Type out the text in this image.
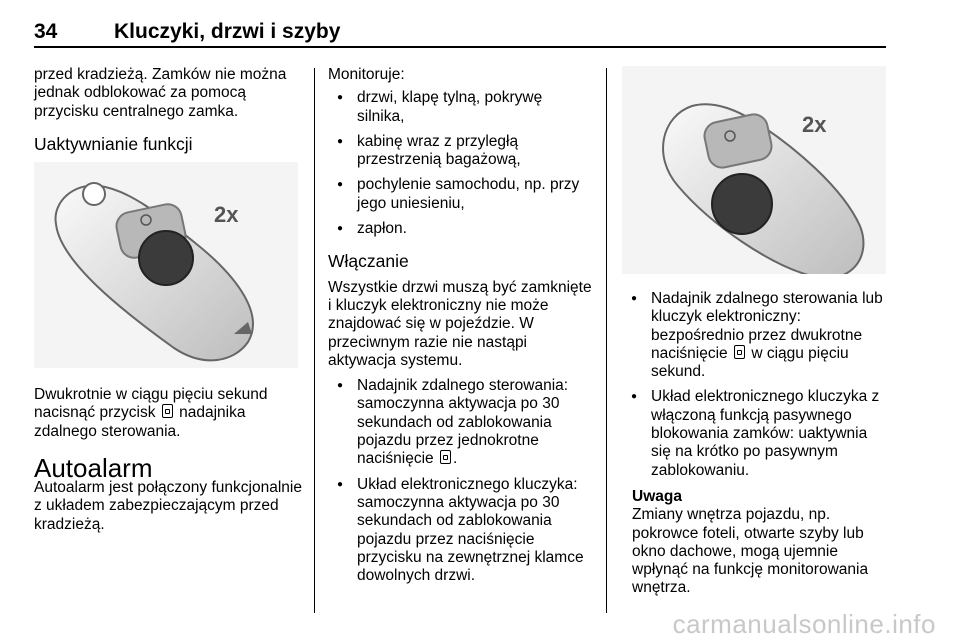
34	Kluczyki, drzwi i szyby

przed kradzieżą. Zamków nie można jednak odblokować za pomocą przycisku centralnego zamka.

Uaktywnianie funkcji

2x

Dwukrotnie w ciągu pięciu sekund nacisnąć przycisk nadajnika zdalnego sterowania.

Autoalarm

Autoalarm jest połączony funkcjonalnie z układem zabezpieczającym przed kradzieżą.

Monitoruje:

● drzwi, klapę tylną, pokrywę silnika,

● kabinę wraz z przyległą przestrzenią bagażową,

● pochylenie samochodu, np. przy jego uniesieniu,

● zapłon.

Włączanie

Wszystkie drzwi muszą być zamknięte i kluczyk elektroniczny nie może znajdować się w pojeździe. W przeciwnym razie nie nastąpi aktywacja systemu.

● Nadajnik zdalnego sterowania: samoczynna aktywacja po 30 sekundach od zablokowania pojazdu przez jednokrotne naciśnięcie .

● Układ elektronicznego kluczyka: samoczynna aktywacja po 30 sekundach od zablokowania pojazdu przez naciśnięcie przycisku na zewnętrznej klamce dowolnych drzwi.

2x

● Nadajnik zdalnego sterowania lub kluczyk elektroniczny: bezpośrednio przez dwukrotne naciśnięcie w ciągu pięciu sekund.

● Układ elektronicznego kluczyka z włączoną funkcją pasywnego blokowania zamków: uaktywnia się na krótko po pasywnym zablokowaniu.

Uwaga

Zmiany wnętrza pojazdu, np. pokrowce foteli, otwarte szyby lub okno dachowe, mogą ujemnie wpłynąć na funkcję monitorowania wnętrza.

carmanualsonline.info
